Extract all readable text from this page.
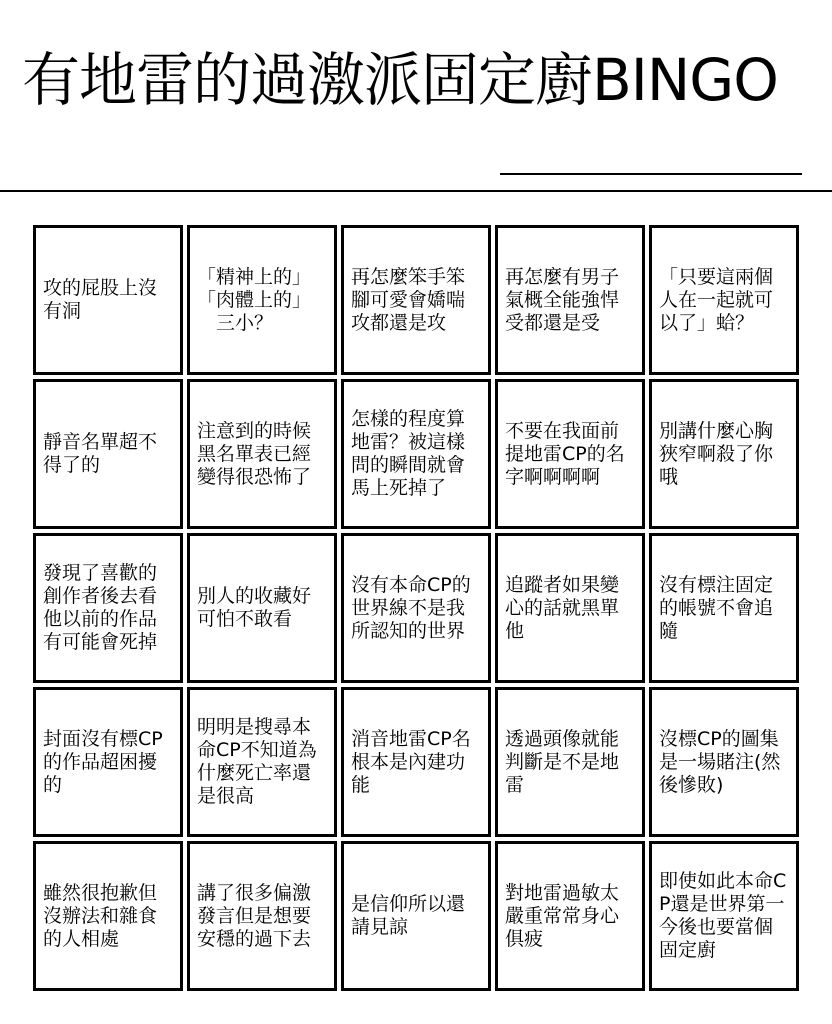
有地雷的過激派固定廚BINGO
攻的屁股上沒有洞
「精神上的」
「肉體上的」
　三小？
再怎麼笨手笨腳可愛會嬌喘攻都還是攻
再怎麼有男子氣概全能強悍受都還是受
「只要這兩個人在一起就可以了」蛤？
靜音名單超不得了的
注意到的時候黑名單表已經變得很恐怖了
怎樣的程度算地雷？被這樣問的瞬間就會馬上死掉了
不要在我面前提地雷CP的名字啊啊啊啊
別講什麼心胸狹窄啊殺了你哦
發現了喜歡的創作者後去看他以前的作品有可能會死掉
別人的收藏好可怕不敢看
沒有本命CP的世界線不是我所認知的世界
追蹤者如果變心的話就黑單他
沒有標注固定的帳號不會追隨
封面沒有標CP的作品超困擾的
明明是搜尋本命CP不知道為什麼死亡率還是很高
消音地雷CP名根本是內建功能
透過頭像就能判斷是不是地雷
沒標CP的圖集是一場賭注(然後慘敗)
雖然很抱歉但沒辦法和雜食的人相處
講了很多偏激發言但是想要安穩的過下去
是信仰所以還請見諒
對地雷過敏太嚴重常常身心俱疲
即使如此本命CP還是世界第一 今後也要當個固定廚
